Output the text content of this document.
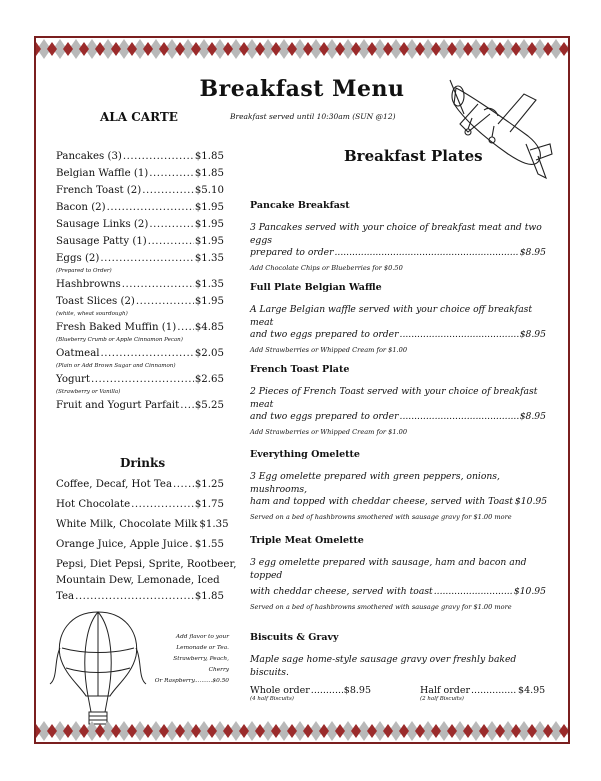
Breakfast Menu
ALA CARTE	Breakfast served until 10:30am (SUN @12)
Breakfast Plates
Pancakes (3) .....	$1.85
Belgian Waffle (1) .....	$1.85
French Toast (2) .....	$5.10
Bacon (2) .....	$1.95
Sausage Links (2) .....	$1.95
Sausage Patty (1) .....	$1.95
Eggs (2) .....	$1.35
(Prepared to Order)
Hashbrowns .....	$1.35
Toast Slices (2) .....	$1.95
(white, wheat sourdough)
Fresh Baked Muffin (1) ..... $4.85
(Blueberry Crumb or Apple Cinnamon Pecan)
Oatmeal .....	$2.05
(Plain or Add Brown Sugar and Cinnamon)
Yogurt .....	$2.65
(Strawberry or Vanilla)
Fruit and Yogurt Parfait ..... $5.25
Drinks
Coffee, Decaf, Hot Tea ..... $1.25
Hot Chocolate .....	$1.75
White Milk, Chocolate Milk $1.35
Orange Juice, Apple Juice ..... $1.55
Pepsi, Diet Pepsi, Sprite, Rootbeer,
Mountain Dew, Lemonade, Iced
Tea .....	$1.85
Add flavor to your
Lemonade or Tea.
Strawberry, Peach, Cherry
Or Raspberry..........$0.50
Pancake Breakfast
3 Pancakes served with your choice of breakfast meat and two eggs
prepared to order .....	$8.95
Add Chocolate Chips or Blueberries for $0.50
Full Plate Belgian Waffle
A Large Belgian waffle served with your choice off breakfast meat
and two eggs prepared to order .....	$8.95
Add Strawberries or Whipped Cream for $1.00
French Toast Plate
2 Pieces of French Toast served with your choice of breakfast meat
and two eggs prepared to order .....	$8.95
Add Strawberries or Whipped Cream for $1.00
Everything Omelette
3 Egg omelette prepared with green peppers, onions, mushrooms,
ham and topped with cheddar cheese, served with Toast $10.95
Served on a bed of hashbrowns smothered with sausage gravy for $1.00 more
Triple Meat Omelette
3 egg omelette prepared with sausage, ham and bacon and topped
with cheddar cheese, served with toast .....	$10.95
Served on a bed of hashbrowns smothered with sausage gravy for $1.00 more
Biscuits & Gravy
Maple sage home-style sausage gravy over freshly baked biscuits.
Whole order .....	$8.95
(4 half Biscuits)
Half order .....	$4.95
(2 half Biscuits)
